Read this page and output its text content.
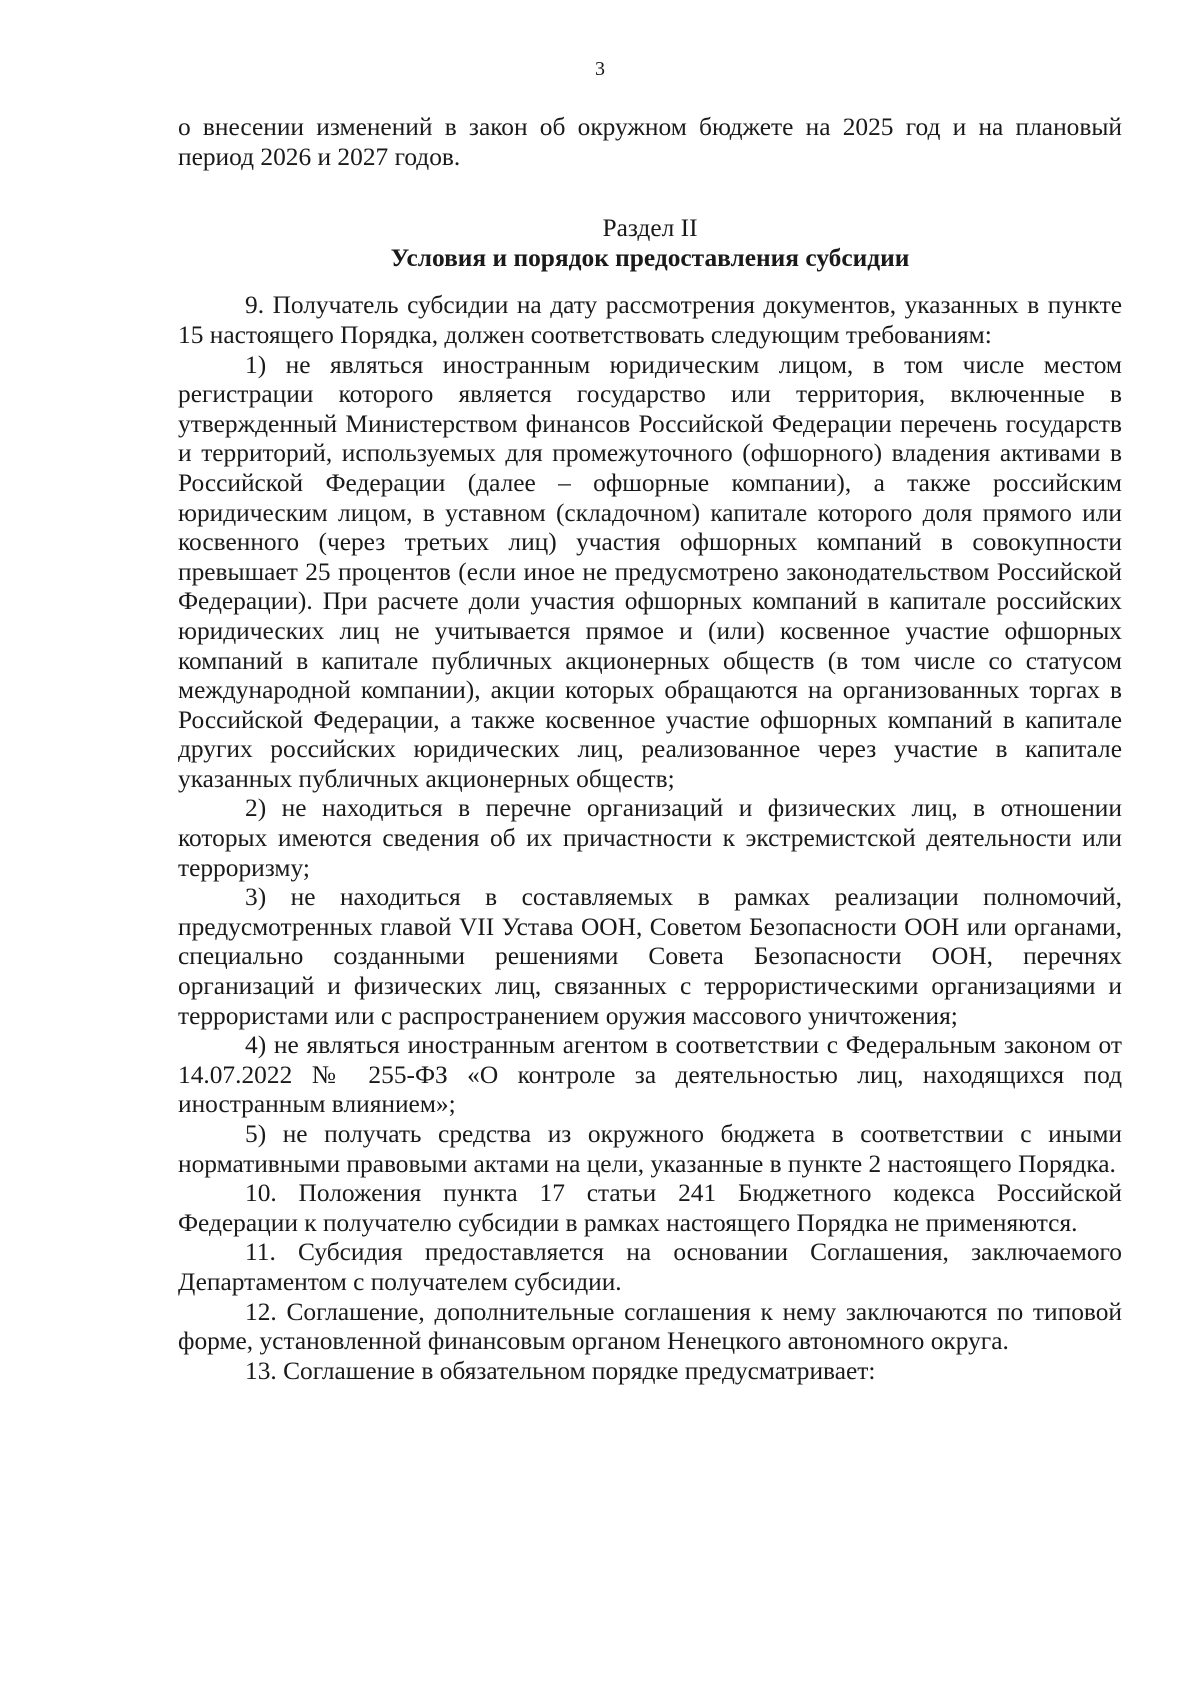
3

о внесении изменений в закон об окружном бюджете на 2025 год и на плановый

период 2026 и 2027 годов.

Раздел II

Условия и порядок предоставления субсидии

9. Получатель субсидии на дату рассмотрения документов, указанных в пункте 15 настоящего Порядка, должен соответствовать следующим требованиям:

1) не являться иностранным юридическим лицом, в том числе местом регистрации которого является государство или территория, включенные в утвержденный Министерством финансов Российской Федерации перечень государств и территорий, используемых для промежуточного (офшорного) владения активами в Российской Федерации (далее – офшорные компании), а также российским юридическим лицом, в уставном (складочном) капитале которого доля прямого или косвенного (через третьих лиц) участия офшорных компаний в совокупности превышает 25 процентов (если иное не предусмотрено законодательством Российской Федерации). При расчете доли участия офшорных компаний в капитале российских юридических лиц не учитывается прямое и (или) косвенное участие офшорных компаний в капитале публичных акционерных обществ (в том числе со статусом международной компании), акции которых обращаются на организованных торгах в Российской Федерации, а также косвенное участие офшорных компаний в капитале других российских юридических лиц, реализованное через участие в капитале указанных публичных акционерных обществ;

2) не находиться в перечне организаций и физических лиц, в отношении которых имеются сведения об их причастности к экстремистской деятельности или терроризму;

3) не находиться в составляемых в рамках реализации полномочий, предусмотренных главой VII Устава ООН, Советом Безопасности ООН или органами, специально созданными решениями Совета Безопасности ООН, перечнях организаций и физических лиц, связанных с террористическими организациями и террористами или с распространением оружия массового уничтожения;

4) не являться иностранным агентом в соответствии с Федеральным законом от 14.07.2022 № 255-ФЗ «О контроле за деятельностью лиц, находящихся под иностранным влиянием»;

5) не получать средства из окружного бюджета в соответствии с иными нормативными правовыми актами на цели, указанные в пункте 2 настоящего Порядка.

10. Положения пункта 17 статьи 241 Бюджетного кодекса Российской Федерации к получателю субсидии в рамках настоящего Порядка не применяются.

11. Субсидия предоставляется на основании Соглашения, заключаемого Департаментом с получателем субсидии.

12. Соглашение, дополнительные соглашения к нему заключаются по типовой форме, установленной финансовым органом Ненецкого автономного округа.

13. Соглашение в обязательном порядке предусматривает:
